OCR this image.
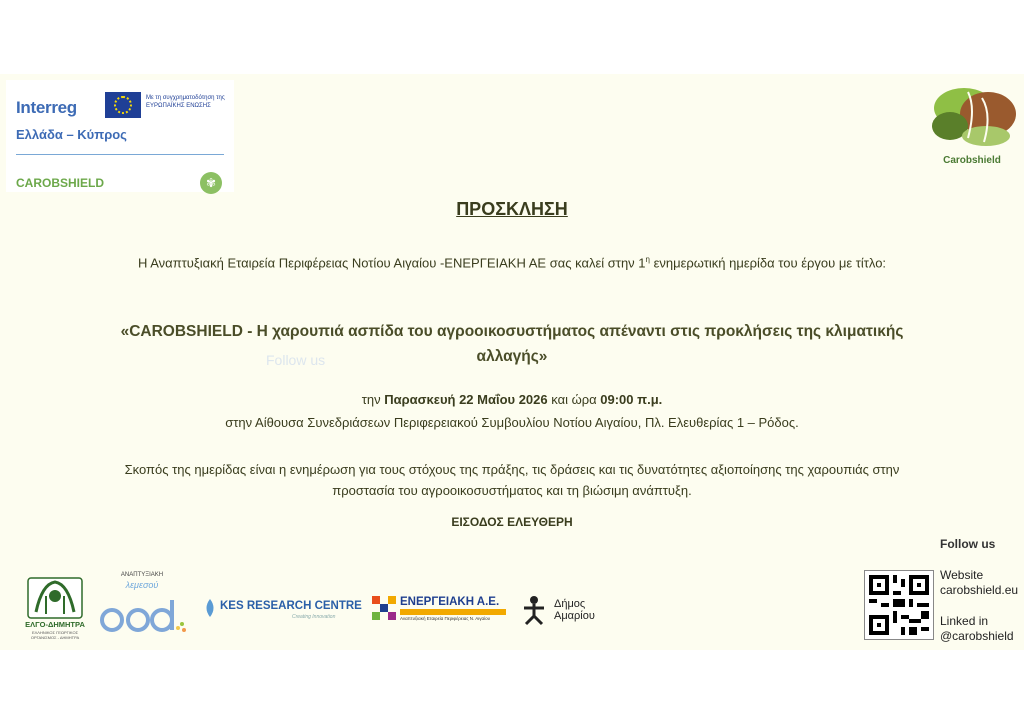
Interreg	Με τη συγχρηματοδότηση της ΕΥΡΩΠΑΪΚΗΣ ΕΝΩΣΗΣ
Ελλάδα – Κύπρος
CAROBSHIELD	✾
Carobshield
ΠΡΟΣΚΛΗΣΗ
Η Αναπτυξιακή Εταιρεία Περιφέρειας Νοτίου Αιγαίου -ΕΝΕΡΓΕΙΑΚΗ ΑΕ σας καλεί στην $1^\eta$ ενημερωτική ημερίδα του έργου με τίτλο:
«CAROBSHIELD - Η χαρουπιά ασπίδα του αγροοικοσυστήματος απέναντι στις προκλήσεις της κλιματικής αλλαγής»
Follow us
την Παρασκευή 22 Μαΐου 2026 και ώρα 09:00 π.μ.
στην Αίθουσα Συνεδριάσεων Περιφερειακού Συμβουλίου Νοτίου Αιγαίου, Πλ. Ελευθερίας 1 – Ρόδος.
Σκοπός της ημερίδας είναι η ενημέρωση για τους στόχους της πράξης, τις δράσεις και τις δυνατότητες αξιοποίησης της χαρουπιάς στην προστασία του αγροοικοσυστήματος και τη βιώσιμη ανάπτυξη.
ΕΙΣΟΔΟΣ ΕΛΕΥΘΕΡΗ
Follow us
Website
carobshield.eu
Linked in
@carobshield
ΕΛΓΟ-ΔΗΜΗΤΡΑ
ΕΛΛΗΝΙΚΟΣ ΓΕΩΡΓΙΚΟΣ ΟΡΓΑΝΙΣΜΟΣ - ΔΗΜΗΤΡΑ
ΑΝΑΠΤΥΞΙΑΚΗ
λεμεσού
KES RESEARCH CENTRE
Creating Innovation
ΕΝΕΡΓΕΙΑΚΗ Α.Ε.
Αναπτυξιακή Εταιρεία Περιφέρειας Ν. Αιγαίου
Δήμος Αμαρίου
